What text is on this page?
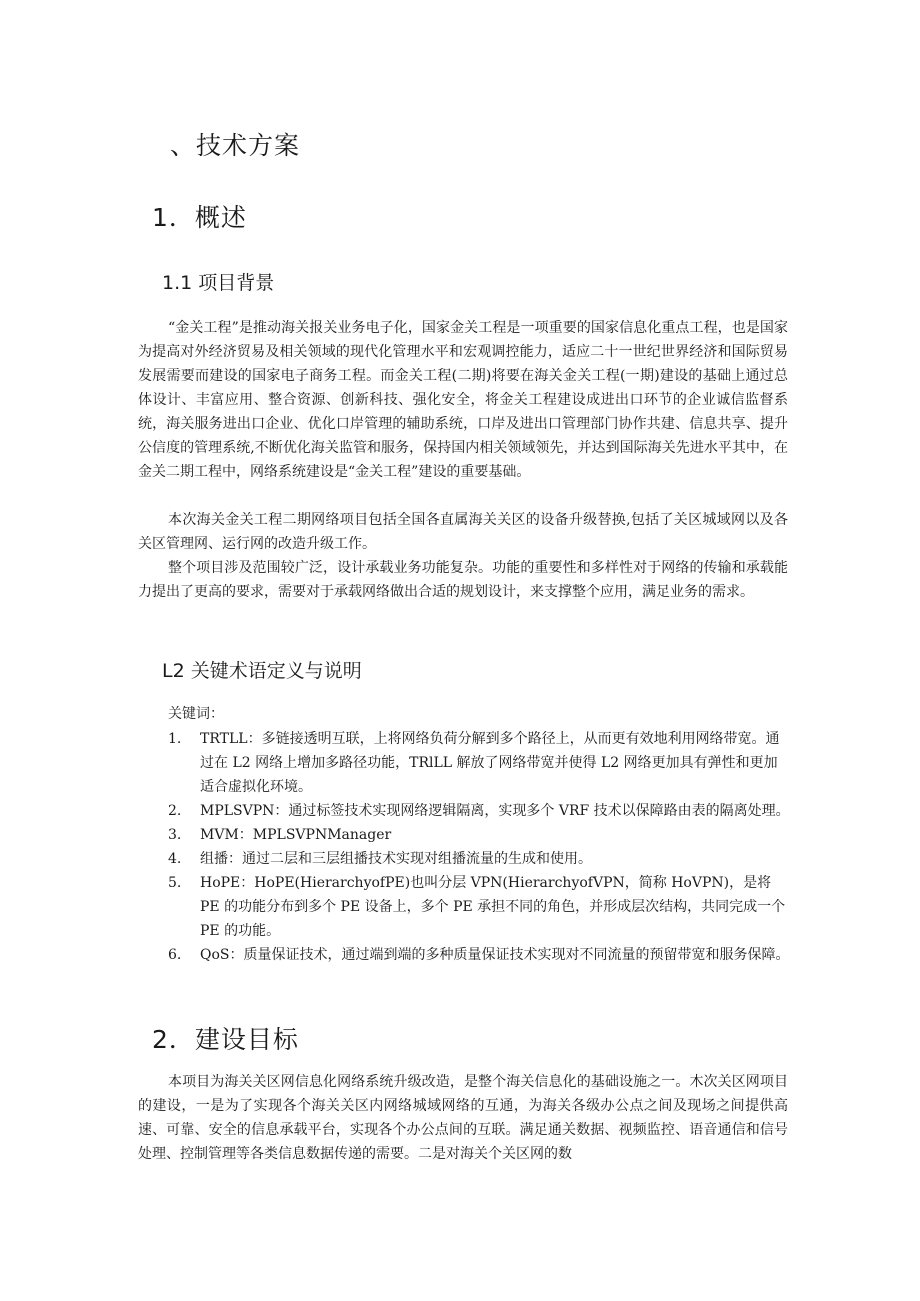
、技术方案
1．概述
1.1 项目背景

“金关工程”是推动海关报关业务电子化，国家金关工程是一项重要的国家信息化重点工程，也是国家为提高对外经济贸易及相关领域的现代化管理水平和宏观调控能力，适应二十一世纪世界经济和国际贸易发展需要而建设的国家电子商务工程。而金关工程(二期)将要在海关金关工程(一期)建设的基础上通过总体设计、丰富应用、整合资源、创新科技、强化安全，将金关工程建设成进出口环节的企业诚信监督系统，海关服务进出口企业、优化口岸管理的辅助系统，口岸及进出口管理部门协作共建、信息共享、提升公信度的管理系统,不断优化海关监管和服务，保持国内相关领域领先，并达到国际海关先进水平其中，在金关二期工程中，网络系统建设是“金关工程”建设的重要基础。

本次海关金关工程二期网络项目包括全国各直属海关关区的设备升级替换,包括了关区城域网以及各关区管理网、运行网的改造升级工作。

整个项目涉及范围较广泛，设计承载业务功能复杂。功能的重要性和多样性对于网络的传输和承载能力提出了更高的要求，需要对于承载网络做出合适的规划设计，来支撑整个应用，满足业务的需求。

L2 关键术语定义与说明

关键词：

1. TRTLL：多链接透明互联，上将网络负荷分解到多个路径上，从而更有效地利用网络带宽。通过在 L2 网络上增加多路径功能，TRlLL 解放了网络带宽并使得 L2 网络更加具有弹性和更加适合虚拟化环境。
2. MPLSVPN：通过标签技术实现网络逻辑隔离，实现多个 VRF 技术以保障路由表的隔离处理。
3. MVM：MPLSVPNManager
4. 组播：通过二层和三层组播技术实现对组播流量的生成和使用。
5. HoPE：HoPE(HierarchyofPE)也叫分层 VPN(HierarchyofVPN，简称 HoVPN)，是将 PE 的功能分布到多个 PE 设备上，多个 PE 承担不同的角色，并形成层次结构，共同完成一个 PE 的功能。
6. QoS：质量保证技术，通过端到端的多种质量保证技术实现对不同流量的预留带宽和服务保障。
2．建设目标

本项目为海关关区网信息化网络系统升级改造，是整个海关信息化的基础设施之一。木次关区网项目的建设，一是为了实现各个海关关区内网络城域网络的互通，为海关各级办公点之间及现场之间提供高速、可靠、安全的信息承载平台，实现各个办公点间的互联。满足通关数据、视频监控、语音通信和信号处理、控制管理等各类信息数据传递的需要。二是对海关个关区网的数
